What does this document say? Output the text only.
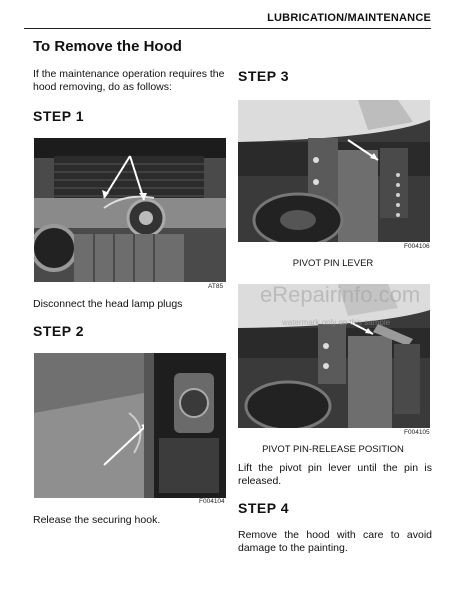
LUBRICATION/MAINTENANCE
To Remove the Hood
If the maintenance operation requires the hood removing, do as follows:
STEP 1
AT85
Disconnect the head lamp plugs
STEP 2
F004104
Release the securing hook.
STEP 3
F004106
PIVOT PIN LEVER
F004105
PIVOT PIN-RELEASE POSITION
Lift the pivot pin lever until the pin is released.
STEP 4
Remove the hood with care to avoid damage to the painting.
eRepairinfo.com
watermark only on this sample
